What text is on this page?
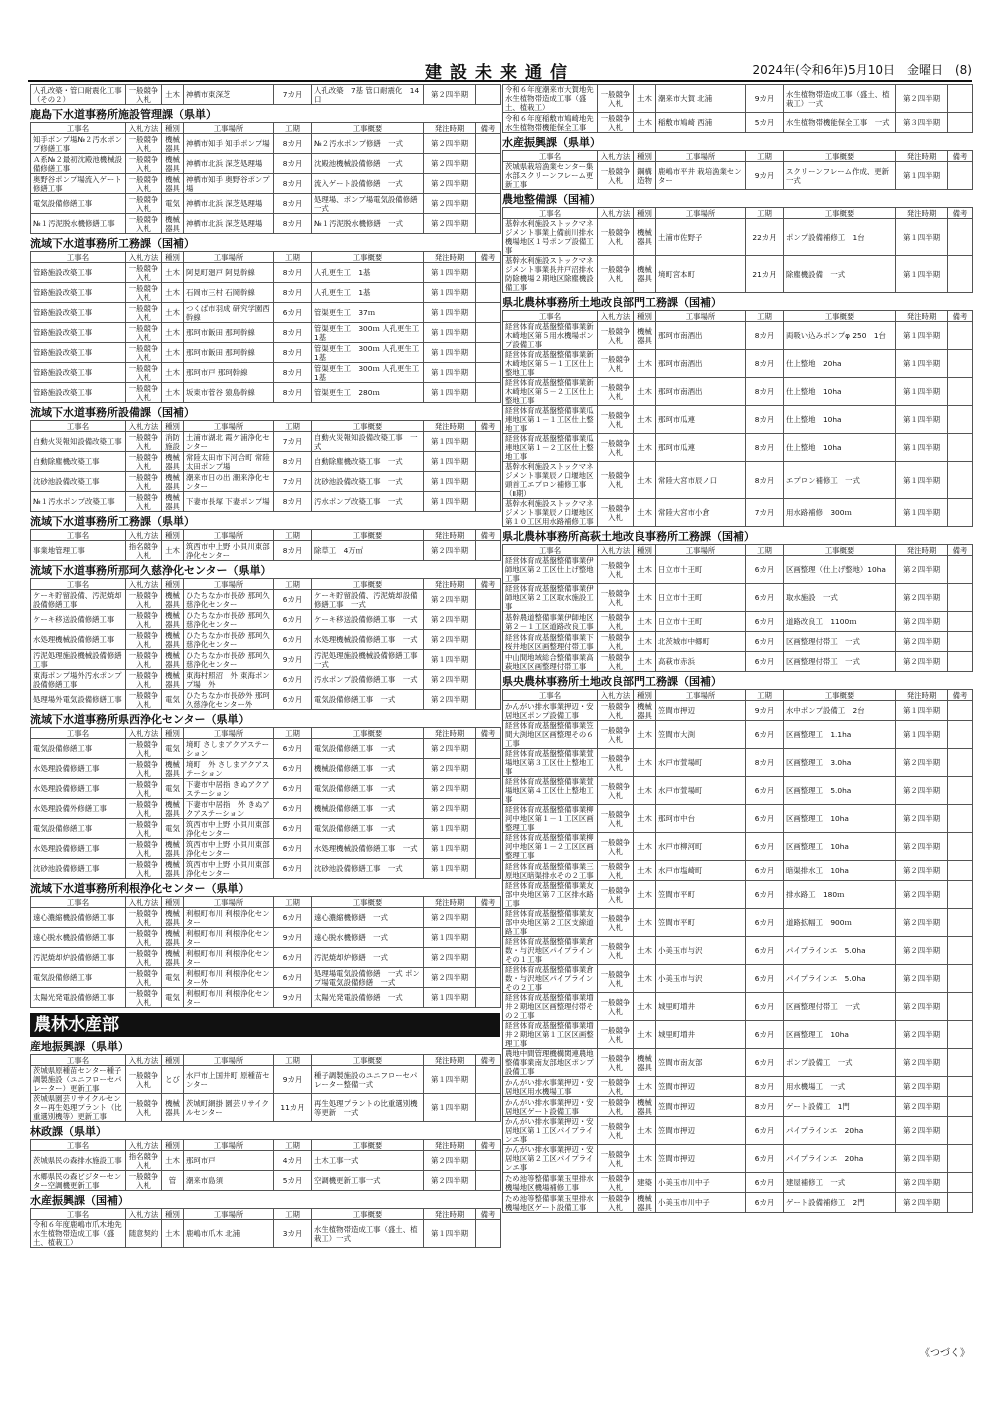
建設未来通信	2024年(令和6年)5月10日　金曜日　(8)
人孔改築・管口耐震化工事（その２）	一般競争入札	土木	神栖市東深芝	7カ月	人孔改築　7基 管口耐震化　14口	第２四半期	
鹿島下水道事務所施設管理課（県単）
工事名	入札方法	種別	工事場所	工期	工事概要	発注時期	備考
知手ポンプ場№２汚水ポンプ修繕工事	一般競争入札	機械器具	神栖市知手 知手ポンプ場	8カ月	№２汚水ポンプ修繕　一式	第２四半期	
Ａ系№２最初沈殿池機械設備修繕工事	一般競争入札	機械器具	神栖市北浜 深芝処理場	8カ月	沈殿池機械設備修繕　一式	第２四半期	
奥野谷ポンプ場流入ゲート修繕工事	一般競争入札	機械器具	神栖市知手 奥野谷ポンプ場	8カ月	流入ゲート設備修繕　一式	第２四半期	
電気設備修繕工事	一般競争入札	電気	神栖市北浜 深芝処理場	8カ月	処理場、ポンプ場電気設備修繕　一式	第２四半期	
№１汚泥脱水機修繕工事	一般競争入札	機械器具	神栖市北浜 深芝処理場	8カ月	№１汚泥脱水機修繕　一式	第２四半期	
流域下水道事務所工務課（国補）
工事名	入札方法	種別	工事場所	工期	工事概要	発注時期	備考
管路施設改築工事	一般競争入札	土木	阿見町廻戸 阿見幹線	8カ月	人孔更生工　1基	第１四半期	
管路施設改築工事	一般競争入札	土木	石岡市三村 石岡幹線	8カ月	人孔更生工　1基	第１四半期	
管路施設改築工事	一般競争入札	土木	つくば市羽成 研究学園西幹線	6カ月	管渠更生工　37ｍ	第１四半期	
管路施設改築工事	一般競争入札	土木	那珂市飯田 那珂幹線	8カ月	管渠更生工　300ｍ 人孔更生工　1基	第１四半期	
管路施設改築工事	一般競争入札	土木	那珂市飯田 那珂幹線	8カ月	管渠更生工　300ｍ 人孔更生工　1基	第１四半期	
管路施設改築工事	一般競争入札	土木	那珂市戸 那珂幹線	8カ月	管渠更生工　300ｍ 人孔更生工　1基	第１四半期	
管路施設改築工事	一般競争入札	土木	坂東市菅谷 猿島幹線	8カ月	管渠更生工　280ｍ	第１四半期	
流域下水道事務所設備課（国補）
工事名	入札方法	種別	工事場所	工期	工事概要	発注時期	備考
自動火災報知設備改築工事	一般競争入札	消防施設	土浦市湖北 霞ケ浦浄化センター	7カ月	自動火災報知設備改築工事　一式	第１四半期	
自動除塵機改築工事	一般競争入札	機械器具	常陸太田市下河合町 常陸太田ポンプ場	8カ月	自動除塵機改築工事　一式	第１四半期	
沈砂池設備改築工事	一般競争入札	機械器具	潮来市日の出 潮来浄化センター	7カ月	沈砂池設備改築工事　一式	第１四半期	
№１汚水ポンプ改築工事	一般競争入札	機械器具	下妻市長塚 下妻ポンプ場	8カ月	汚水ポンプ改築工事　一式	第１四半期	
流域下水道事務所工務課（県単）
工事名	入札方法	種別	工事場所	工期	工事概要	発注時期	備考
事業地管理工事	指名競争入札	土木	筑西市中上野 小貝川東部浄化センター	8カ月	除草工　4万㎡	第２四半期	
流域下水道事務所那珂久慈浄化センター（県単）
工事名	入札方法	種別	工事場所	工期	工事概要	発注時期	備考
ケーキ貯留設備、汚泥焼却設備修繕工事	一般競争入札	機械器具	ひたちなか市長砂 那珂久慈浄化センター	6カ月	ケーキ貯留設備、汚泥焼却設備修繕工事　一式	第２四半期	
ケーキ移送設備修繕工事	一般競争入札	機械器具	ひたちなか市長砂 那珂久慈浄化センター	6カ月	ケーキ移送設備修繕工事　一式	第２四半期	
水処理機械設備修繕工事	一般競争入札	機械器具	ひたちなか市長砂 那珂久慈浄化センター	6カ月	水処理機械設備修繕工事　一式	第２四半期	
汚泥処理施設機械設備修繕工事	一般競争入札	機械器具	ひたちなか市長砂 那珂久慈浄化センター	9カ月	汚泥処理施設機械設備修繕工事　一式	第１四半期	
東海ポンプ場外汚水ポンプ設備修繕工事	一般競争入札	機械器具	東海村照沼　外 東海ポンプ場　外	6カ月	汚水ポンプ設備修繕工事　一式	第２四半期	
処理場外電気設備修繕工事	一般競争入札	電気	ひたちなか市長砂外 那珂久慈浄化センター外	6カ月	電気設備修繕工事　一式	第２四半期	
流域下水道事務所県西浄化センター（県単）
工事名	入札方法	種別	工事場所	工期	工事概要	発注時期	備考
電気設備修繕工事	一般競争入札	電気	境町 さしまアクアステーション	6カ月	電気設備修繕工事　一式	第２四半期	
水処理設備修繕工事	一般競争入札	機械器具	境町　外 さしまアクアステーション	6カ月	機械設備修繕工事　一式	第２四半期	
水処理設備修繕工事	一般競争入札	電気	下妻市中居指 きぬアクアステーション	6カ月	電気設備修繕工事　一式	第２四半期	
水処理設備外修繕工事	一般競争入札	機械器具	下妻市中居指　外 きぬアクアステーション	6カ月	機械設備修繕工事　一式	第２四半期	
電気設備修繕工事	一般競争入札	電気	筑西市中上野 小貝川東部浄化センター	6カ月	電気設備修繕工事　一式	第１四半期	
水処理設備修繕工事	一般競争入札	機械器具	筑西市中上野 小貝川東部浄化センター	6カ月	水処理機械設備修繕工事　一式	第１四半期	
沈砂池設備修繕工事	一般競争入札	機械器具	筑西市中上野 小貝川東部浄化センター	6カ月	沈砂池設備修繕工事　一式	第１四半期	
流域下水道事務所利根浄化センター（県単）
工事名	入札方法	種別	工事場所	工期	工事概要	発注時期	備考
遠心濃縮機設備修繕工事	一般競争入札	機械器具	利根町布川 利根浄化センター	6カ月	遠心濃縮機修繕　一式	第２四半期	
遠心脱水機設備修繕工事	一般競争入札	機械器具	利根町布川 利根浄化センター	9カ月	遠心脱水機修繕　一式	第１四半期	
汚泥焼却炉設備修繕工事	一般競争入札	機械器具	利根町布川 利根浄化センター	6カ月	汚泥焼却炉修繕　一式	第２四半期	
電気設備修繕工事	一般競争入札	電気	利根町布川 利根浄化センター外	6カ月	処理場電気設備修繕　一式 ポンプ場電気設備修繕　一式	第２四半期	
太陽光発電設備修繕工事	一般競争入札	電気	利根町布川 利根浄化センター	9カ月	太陽光発電設備修繕　一式	第１四半期	
農林水産部
産地振興課（県単）
工事名	入札方法	種別	工事場所	工期	工事概要	発注時期	備考
茨城県原種苗センター種子調製施設（ユニフローセパレーター）更新工事	一般競争入札	とび	水戸市上国井町 原種苗センター	9カ月	種子調製施設のユニフローセパレーター整備一式	第１四半期	
茨城県園芸リサイクルセンター再生処理プラント（比重選別機等）更新工事	一般競争入札	機械器具	茨城町網掛 園芸リサイクルセンター	11カ月	再生処理プラントの比重選別機等更新　一式	第１四半期	
林政課（県単）
工事名	入札方法	種別	工事場所	工期	工事概要	発注時期	備考
茨城県民の森排水施設工事	指名競争入札	土木	那珂市戸	4カ月	土木工事一式	第２四半期	
水郷県民の森ビジターセンター空調機更新工事	一般競争入札	管	潮来市島須	5カ月	空調機更新工事一式	第２四半期	
水産振興課（国補）
工事名	入札方法	種別	工事場所	工期	工事概要	発注時期	備考
令和６年度鹿嶋市爪木地先水生植物帯造成工事（盛土、植栽工）	随意契約	土木	鹿嶋市爪木 北浦	3カ月	水生植物帯造成工事（盛土、植栽工）一式	第１四半期	
令和６年度潮来市大賀地先水生植物帯造成工事（盛土、植栽工）	一般競争入札	土木	潮来市大賀 北浦	9カ月	水生植物帯造成工事（盛土、植栽工）一式	第２四半期	
令和６年度稲敷市鳩崎地先水生植物帯機能保全工事	一般競争入札	土木	稲敷市鳩崎 西浦	5カ月	水生植物帯機能保全工事　一式	第３四半期	
水産振興課（県単）
工事名	入札方法	種別	工事場所	工期	工事概要	発注時期	備考
茨城県栽培漁業センター集水部スクリーンフレーム更新工事	一般競争入札	鋼構造物	鹿嶋市平井 栽培漁業センター	9カ月	スクリーンフレーム作成、更新　一式	第１四半期	
農地整備課（国補）
工事名	入札方法	種別	工事場所	工期	工事概要	発注時期	備考
基幹水利施設ストックマネジメント事業上備前川排水機場地区１号ポンプ設備工事	一般競争入札	機械器具	土浦市佐野子	22カ月	ポンプ設備補修工　1台	第１四半期	
基幹水利施設ストックマネジメント事業長井戸沼排水防除機場２期地区除塵機設備工事	一般競争入札	機械器具	境町宮本町	21カ月	除塵機設備　一式	第１四半期	
県北農林事務所土地改良部門工務課（国補）
工事名	入札方法	種別	工事場所	工期	工事概要	発注時期	備考
経営体育成基盤整備事業新木崎地区第５用水機場ポンプ設備工事	一般競争入札	機械器具	那珂市南酒出	8カ月	両吸い込みポンプφ 250　1台	第１四半期	
経営体育成基盤整備事業新木崎地区第５－１工区仕上整地工事	一般競争入札	土木	那珂市南酒出	8カ月	仕上整地　20ha	第１四半期	
経営体育成基盤整備事業新木崎地区第５－２工区仕上整地工事	一般競争入札	土木	那珂市南酒出	8カ月	仕上整地　10ha	第１四半期	
経営体育成基盤整備事業瓜連地区第１－１工区仕上整地工事	一般競争入札	土木	那珂市瓜連	8カ月	仕上整地　10ha	第１四半期	
経営体育成基盤整備事業瓜連地区第１－２工区仕上整地工事	一般競争入札	土木	那珂市瓜連	8カ月	仕上整地　10ha	第１四半期	
基幹水利施設ストックマネジメント事業辰ノ口堰地区頭首工エプロン補修工事（Ⅱ期）	一般競争入札	土木	常陸大宮市辰ノ口	8カ月	エプロン補修工　一式	第１四半期	
基幹水利施設ストックマネジメント事業辰ノ口堰地区第１０工区用水路補修工事	一般競争入札	土木	常陸大宮市小倉	7カ月	用水路補修　300ｍ	第１四半期	
県北農林事務所高萩土地改良事務所工務課（国補）
工事名	入札方法	種別	工事場所	工期	工事概要	発注時期	備考
経営体育成基盤整備事業伊師地区第２工区仕上げ整地工事	一般競争入札	土木	日立市十王町	6カ月	区画整理（仕上げ整地）10ha	第２四半期	
経営体育成基盤整備事業伊師地区第２工区取水施設工事	一般競争入札	土木	日立市十王町	6カ月	取水施設　一式	第２四半期	
基幹農道整備事業伊師地区第２－１工区道路改良工事	一般競争入札	土木	日立市十王町	6カ月	道路改良工　1100ｍ	第２四半期	
経営体育成基盤整備事業下桜井地区区画整理付帯工事	一般競争入札	土木	北茨城市中郷町	6カ月	区画整理付帯工　一式	第２四半期	
中山間地域総合整備事業高萩地区区画整理付帯工事	一般競争入札	土木	高萩市赤浜	6カ月	区画整理付帯工　一式	第２四半期	
県央農林事務所土地改良部門工務課（国補）
工事名	入札方法	種別	工事場所	工期	工事概要	発注時期	備考
かんがい排水事業押辺・安居地区ポンプ設備工事	一般競争入札	機械器具	笠間市押辺	9カ月	水中ポンプ設備工　2台	第１四半期	
経営体育成基盤整備事業笠間大渕地区区画整理その６工事	一般競争入札	土木	笠間市大渕	6カ月	区画整理工　1.1ha	第１四半期	
経営体育成基盤整備事業萱場地区第３工区仕上整地工事	一般競争入札	土木	水戸市萱場町	8カ月	区画整理工　3.0ha	第２四半期	
経営体育成基盤整備事業萱場地区第４工区仕上整地工事	一般競争入札	土木	水戸市萱場町	6カ月	区画整理工　5.0ha	第２四半期	
経営体育成基盤整備事業柳河中地区第１－１工区区画整理工事	一般競争入札	土木	那珂市中台	6カ月	区画整理工　10ha	第２四半期	
経営体育成基盤整備事業柳河中地区第１－２工区区画整理工事	一般競争入札	土木	水戸市柳河町	6カ月	区画整理工　10ha	第２四半期	
経営体育成基盤整備事業三原地区暗渠排水その２工事	一般競争入札	土木	水戸市塩崎町	6カ月	暗渠排水工　10ha	第２四半期	
経営体育成基盤整備事業友部中央地区第７工区排水路工事	一般競争入札	土木	笠間市平町	6カ月	排水路工　180ｍ	第２四半期	
経営体育成基盤整備事業友部中央地区第２工区支線道路工事	一般競争入札	土木	笠間市平町	6カ月	道路拡幅工　900ｍ	第２四半期	
経営体育成基盤整備事業倉数・与沢地区パイプラインその１工事	一般競争入札	土木	小美玉市与沢	6カ月	パイプラインエ　5.0ha	第２四半期	
経営体育成基盤整備事業倉数・与沢地区パイプラインその２工事	一般競争入札	土木	小美玉市与沢	6カ月	パイプラインエ　5.0ha	第２四半期	
経営体育成基盤整備事業増井２期地区区画整理付帯その２工事	一般競争入札	土木	城里町増井	6カ月	区画整理付帯工　一式	第２四半期	
経営体育成基盤整備事業増井２期地区第１工区区画整理工事	一般競争入札	土木	城里町増井	6カ月	区画整理工　10ha	第２四半期	
農地中間管理機構関連農地整備事業南友部地区ポンプ設備工事	一般競争入札	機械器具	笠間市南友部	6カ月	ポンプ設備工　一式	第２四半期	
かんがい排水事業押辺・安居地区用水機場工事	一般競争入札	土木	笠間市押辺	8カ月	用水機場工　一式	第２四半期	
かんがい排水事業押辺・安居地区ゲート設備工事	一般競争入札	機械器具	笠間市押辺	8カ月	ゲート設備工　1門	第２四半期	
かんがい排水事業押辺・安居地区第１工区パイプラインエ事	一般競争入札	土木	笠間市押辺	6カ月	パイプラインエ　20ha	第２四半期	
かんがい排水事業押辺・安居地区第２工区パイプラインエ事	一般競争入札	土木	笠間市押辺	6カ月	パイプラインエ　20ha	第２四半期	
ため池等整備事業玉里排水機場地区機場補修工事	一般競争入札	建築	小美玉市川中子	6カ月	建屋補修工　一式	第２四半期	
ため池等整備事業玉里排水機場地区ゲート設備工事	一般競争入札	機械器具	小美玉市川中子	6カ月	ゲート設備補修工　2門	第２四半期	
《つづく》
